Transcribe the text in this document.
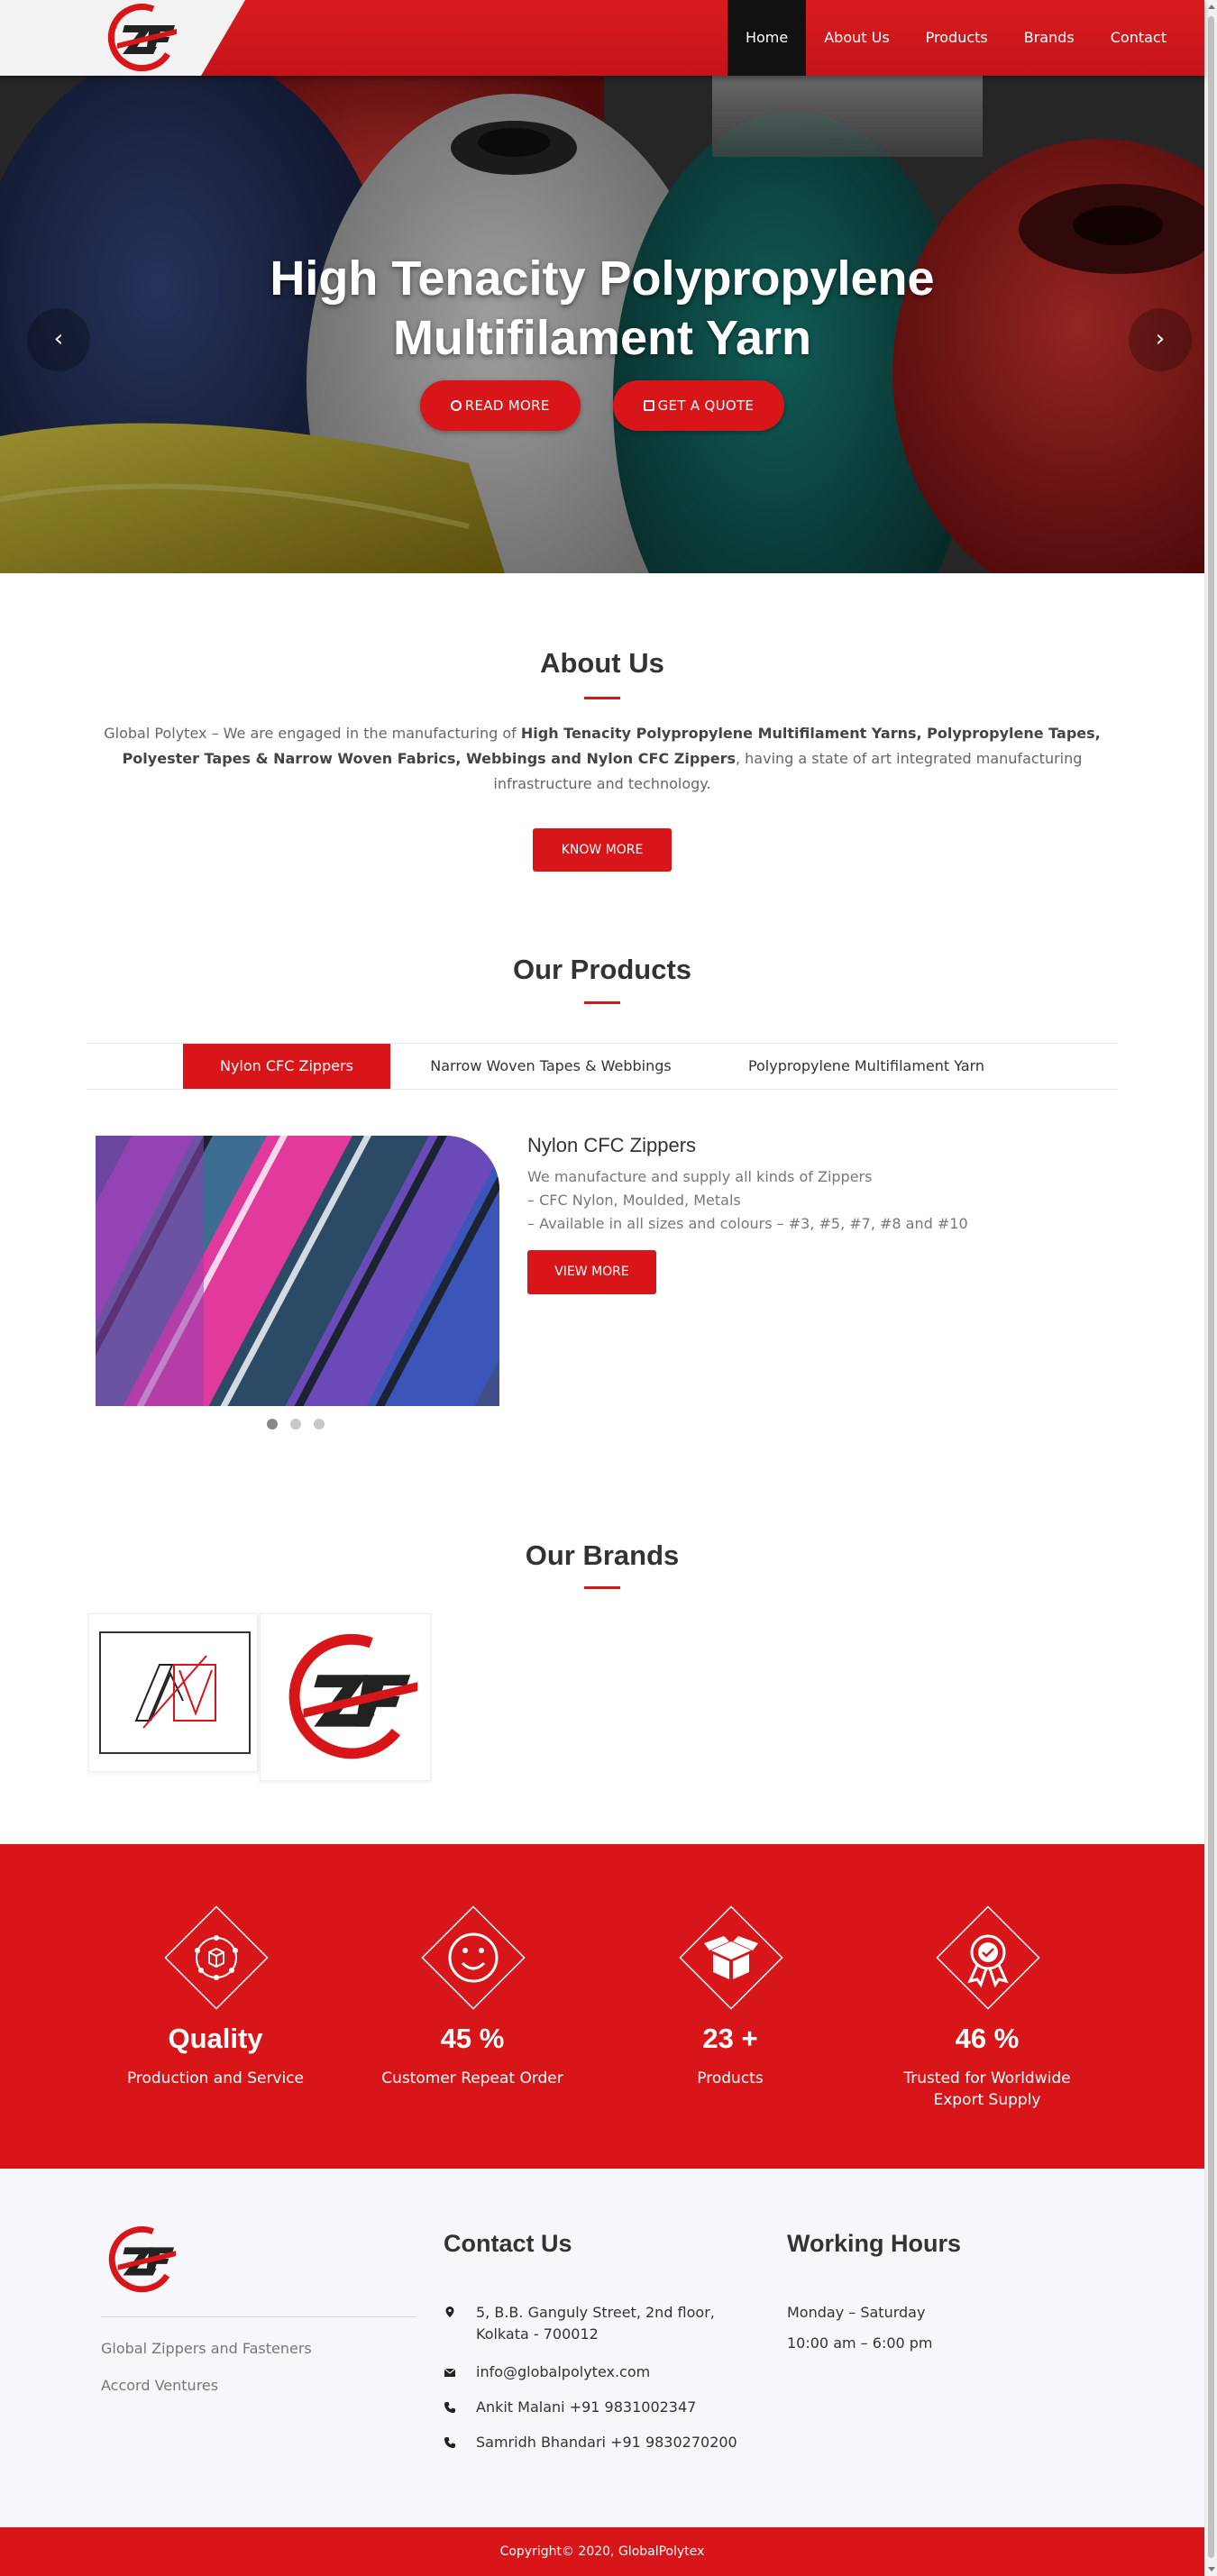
Home	About Us	Products	Brands	Contact
High Tenacity Polypropylene
Multifilament Yarn
READ MORE	GET A QUOTE
‹	›
About Us
Global Polytex – We are engaged in the manufacturing of High Tenacity Polypropylene Multifilament Yarns, Polypropylene Tapes, Polyester Tapes & Narrow Woven Fabrics, Webbings and Nylon CFC Zippers, having a state of art integrated manufacturing infrastructure and technology.
KNOW MORE
Our Products
Nylon CFC Zippers	Narrow Woven Tapes & Webbings	Polypropylene Multifilament Yarn
Nylon CFC Zippers
We manufacture and supply all kinds of Zippers
– CFC Nylon, Moulded, Metals
– Available in all sizes and colours – #3, #5, #7, #8 and #10
VIEW MORE
Our Brands
Quality
Production and Service
45 %
Customer Repeat Order
23 +
Products
46 %
Trusted for Worldwide Export Supply
Global Zippers and Fasteners
Accord Ventures
Contact Us
5, B.B. Ganguly Street, 2nd floor,
Kolkata - 700012
info@globalpolytex.com
Ankit Malani +91 9831002347
Samridh Bhandari +91 9830270200
Working Hours
Monday – Saturday
10:00 am – 6:00 pm
Copyright© 2020, GlobalPolytex
